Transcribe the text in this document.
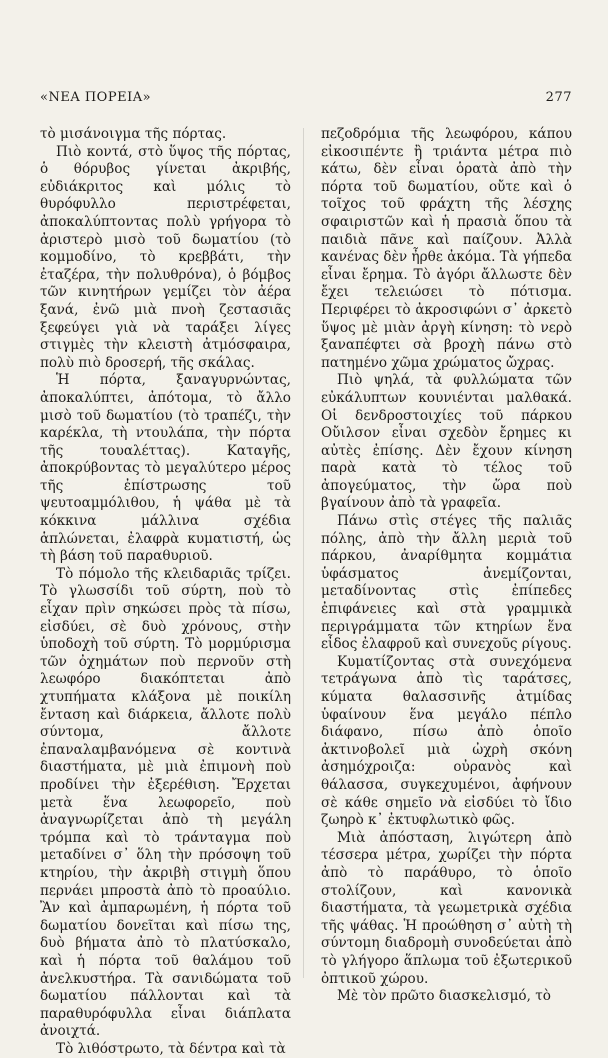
«ΝΕΑ ΠΟΡΕΙΑ»	277

τὸ μισάνοιγμα τῆς πόρτας.

Πιὸ κοντά, στὸ ὕψος τῆς πόρτας, ὁ θόρυβος γίνεται ἀκριβής, εὐδιάκριτος καὶ μόλις τὸ θυρόφυλλο περιστρέφεται, ἀποκαλύπτοντας πολὺ γρήγορα τὸ ἀριστερὸ μισὸ τοῦ δωματίου (τὸ κομμοδίνο, τὸ κρεββάτι, τὴν ἐταζέρα, τὴν πολυθρόνα), ὁ βόμβος τῶν κινητήρων γεμίζει τὸν ἀέρα ξανά, ἐνῶ μιὰ πνοὴ ζεστασιᾶς ξεφεύγει γιὰ νὰ ταράξει λίγες στιγμὲς τὴν κλειστὴ ἀτμόσφαιρα, πολὺ πιὸ δροσερή, τῆς σκάλας.

Ἡ πόρτα, ξαναγυρνώντας, ἀποκαλύπτει, ἀπότομα, τὸ ἄλλο μισὸ τοῦ δωματίου (τὸ τραπέζι, τὴν καρέκλα, τὴ ντουλάπα, τὴν πόρτα τῆς τουαλέττας). Καταγῆς, ἀποκρύβοντας τὸ μεγαλύτερο μέρος τῆς ἐπίστρωσης τοῦ ψευτοαμμόλιθου, ἡ ψάθα μὲ τὰ κόκκινα μάλλινα σχέδια ἁπλώνεται, ἐλαφρὰ κυματιστή, ὡς τὴ βάση τοῦ παραθυριοῦ.

Τὸ πόμολο τῆς κλειδαριᾶς τρίζει. Τὸ γλωσσίδι τοῦ σύρτη, ποὺ τὸ εἶχαν πρὶν σηκώσει πρὸς τὰ πίσω, εἰσδύει, σὲ δυὸ χρόνους, στὴν ὑποδοχὴ τοῦ σύρτη. Τὸ μορμύρισμα τῶν ὀχημάτων ποὺ περνοῦν στὴ λεωφόρο διακόπτεται ἀπὸ χτυπήματα κλάξονα μὲ ποικίλη ἔνταση καὶ διάρκεια, ἄλλοτε πολὺ σύντομα, ἄλλοτε ἐπαναλαμβανόμενα σὲ κοντινὰ διαστήματα, μὲ μιὰ ἐπιμονὴ ποὺ προδίνει τὴν ἐξερέθιση. Ἔρχεται μετὰ ἕνα λεωφορεῖο, ποὺ ἀναγνωρίζεται ἀπὸ τὴ μεγάλη τρόμπα καὶ τὸ τράνταγμα ποὺ μεταδίνει σ᾿ ὅλη τὴν πρόσοψη τοῦ κτηρίου, τὴν ἀκριβὴ στιγμὴ ὅπου περνάει μπροστὰ ἀπὸ τὸ προαύλιο. Ἂν καὶ ἀμπαρωμένη, ἡ πόρτα τοῦ δωματίου δονεῖται καὶ πίσω της, δυὸ βήματα ἀπὸ τὸ πλατύσκαλο, καὶ ἡ πόρτα τοῦ θαλάμου τοῦ ἀνελκυστήρα. Τὰ σανιδώματα τοῦ δωματίου πάλλονται καὶ τὰ παραθυρόφυλλα εἶναι διάπλατα ἀνοιχτά.

Τὸ λιθόστρωτο, τὰ δέντρα καὶ τὰ

πεζοδρόμια τῆς λεωφόρου, κάπου εἰκοσιπέντε ἢ τριάντα μέτρα πιὸ κάτω, δὲν εἶναι ὁρατὰ ἀπὸ τὴν πόρτα τοῦ δωματίου, οὔτε καὶ ὁ τοῖχος τοῦ φράχτη τῆς λέσχης σφαιριστῶν καὶ ἡ πρασιὰ ὅπου τὰ παιδιὰ πᾶνε καὶ παίζουν. Ἀλλὰ κανένας δὲν ἦρθε ἀκόμα. Τὰ γήπεδα εἶναι ἔρημα. Τὸ ἀγόρι ἄλλωστε δὲν ἔχει τελειώσει τὸ πότισμα. Περιφέρει τὸ ἀκροσιφώνι σ᾿ ἀρκετὸ ὕψος μὲ μιὰν ἀργὴ κίνηση: τὸ νερὸ ξαναπέφτει σὰ βροχὴ πάνω στὸ πατημένο χῶμα χρώματος ὤχρας.

Πιὸ ψηλά, τὰ φυλλώματα τῶν εὐκάλυπτων κουνιένται μαλθακά. Οἱ δενδροστοιχίες τοῦ πάρκου Οὔιλσον εἶναι σχεδὸν ἔρημες κι αὐτὲς ἐπίσης. Δὲν ἔχουν κίνηση παρὰ κατὰ τὸ τέλος τοῦ ἀπογεύματος, τὴν ὥρα ποὺ βγαίνουν ἀπὸ τὰ γραφεῖα.

Πάνω στὶς στέγες τῆς παλιᾶς πόλης, ἀπὸ τὴν ἄλλη μεριὰ τοῦ πάρκου, ἀναρίθμητα κομμάτια ὑφάσματος ἀνεμίζονται, μεταδίνοντας στὶς ἐπίπεδες ἐπιφάνειες καὶ στὰ γραμμικὰ περιγράμματα τῶν κτηρίων ἕνα εἶδος ἐλαφροῦ καὶ συνεχοῦς ρίγους.

Κυματίζοντας στὰ συνεχόμενα τετράγωνα ἀπὸ τὶς ταράτσες, κύματα θαλασσινῆς ἀτμίδας ὑφαίνουν ἕνα μεγάλο πέπλο διάφανο, πίσω ἀπὸ ὁποῖο ἀκτινοβολεῖ μιὰ ὠχρὴ σκόνη ἀσημόχροιζα: οὐρανὸς καὶ θάλασσα, συγκεχυμένοι, ἀφήνουν σὲ κάθε σημεῖο νὰ εἰσδύει τὸ ἴδιο ζωηρὸ κ᾿ ἐκτυφλωτικὸ φῶς.

Μιὰ ἀπόσταση, λιγώτερη ἀπὸ τέσσερα μέτρα, χωρίζει τὴν πόρτα ἀπὸ τὸ παράθυρο, τὸ ὁποῖο στολίζουν, καὶ κανονικὰ διαστήματα, τὰ γεωμετρικὰ σχέδια τῆς ψάθας. Ἡ προώθηση σ᾿ αὐτὴ τὴ σύντομη διαδρομὴ συνοδεύεται ἀπὸ τὸ γλήγορο ἅπλωμα τοῦ ἐξωτερικοῦ ὀπτικοῦ χώρου.

Μὲ τὸν πρῶτο διασκελισμό, τὸ
